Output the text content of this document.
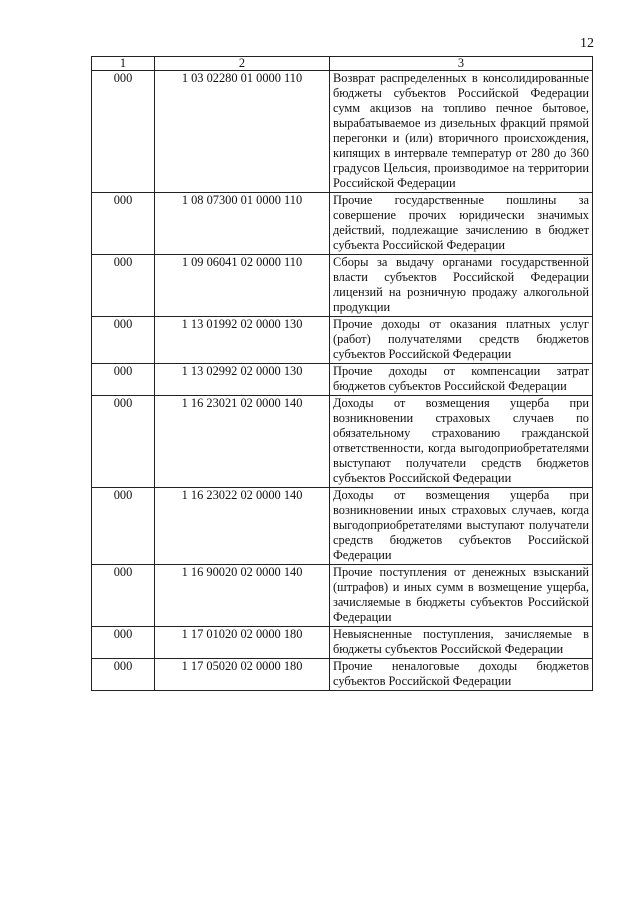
12
1	2	3
000	1 03 02280 01 0000 110	Возврат распределенных в консолидированные бюджеты субъектов Российской Федерации сумм акцизов на топливо печное бытовое, вырабатываемое из дизельных фракций прямой перегонки и (или) вторичного происхождения, кипящих в интервале температур от 280 до 360 градусов Цельсия, производимое на территории Российской Федерации
000	1 08 07300 01 0000 110	Прочие государственные пошлины за совершение прочих юридически значимых действий, подлежащие зачислению в бюджет субъекта Российской Федерации
000	1 09 06041 02 0000 110	Сборы за выдачу органами государственной власти субъектов Российской Федерации лицензий на розничную продажу алкогольной продукции
000	1 13 01992 02 0000 130	Прочие доходы от оказания платных услуг (работ) получателями средств бюджетов субъектов Российской Федерации
000	1 13 02992 02 0000 130	Прочие доходы от компенсации затрат бюджетов субъектов Российской Федерации
000	1 16 23021 02 0000 140	Доходы от возмещения ущерба при возникновении страховых случаев по обязательному страхованию гражданской ответственности, когда выгодоприобретателями выступают получатели средств бюджетов субъектов Российской Федерации
000	1 16 23022 02 0000 140	Доходы от возмещения ущерба при возникновении иных страховых случаев, когда выгодоприобретателями выступают получатели средств бюджетов субъектов Российской Федерации
000	1 16 90020 02 0000 140	Прочие поступления от денежных взысканий (штрафов) и иных сумм в возмещение ущерба, зачисляемые в бюджеты субъектов Российской Федерации
000	1 17 01020 02 0000 180	Невыясненные поступления, зачисляемые в бюджеты субъектов Российской Федерации
000	1 17 05020 02 0000 180	Прочие неналоговые доходы бюджетов субъектов Российской Федерации
